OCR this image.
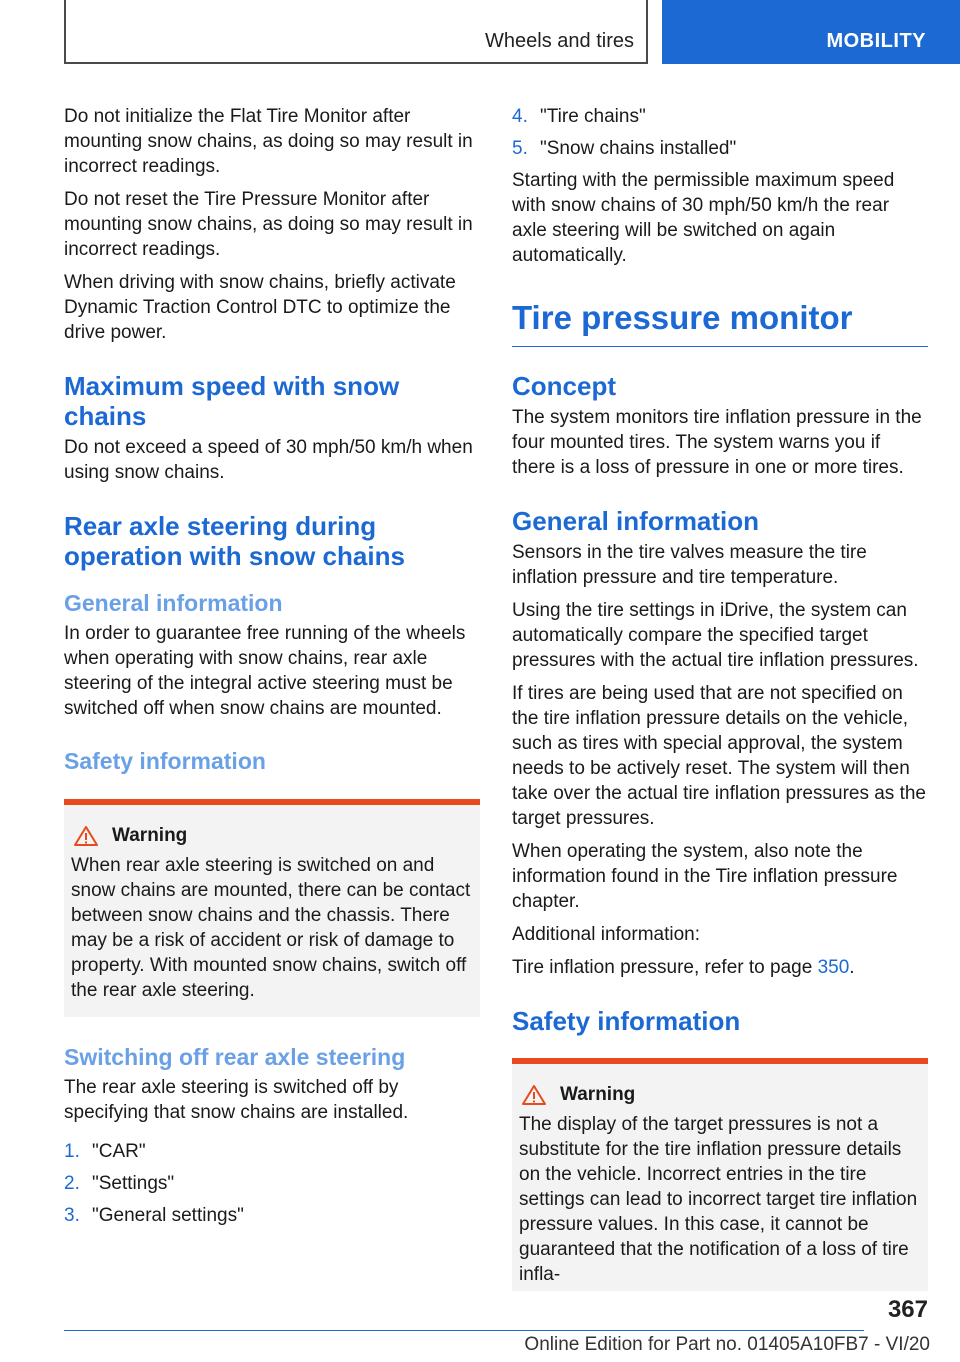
Wheels and tires	MOBILITY

Do not initialize the Flat Tire Monitor after mounting snow chains, as doing so may result in incorrect readings.

Do not reset the Tire Pressure Monitor after mounting snow chains, as doing so may result in incorrect readings.

When driving with snow chains, briefly activate Dynamic Traction Control DTC to optimize the drive power.

Maximum speed with snow chains

Do not exceed a speed of 30 mph/50 km/h when using snow chains.

Rear axle steering during operation with snow chains
General information

In order to guarantee free running of the wheels when operating with snow chains, rear axle steering of the integral active steering must be switched off when snow chains are mounted.

Safety information
Warning

When rear axle steering is switched on and snow chains are mounted, there can be contact between snow chains and the chassis. There may be a risk of accident or risk of damage to property. With mounted snow chains, switch off the rear axle steering.

Switching off rear axle steering

The rear axle steering is switched off by specifying that snow chains are installed.

1. "CAR"
2. "Settings"
3. "General settings"
4. "Tire chains"
5. "Snow chains installed"

Starting with the permissible maximum speed with snow chains of 30 mph/50 km/h the rear axle steering will be switched on again automatically.

Tire pressure monitor
Concept

The system monitors tire inflation pressure in the four mounted tires. The system warns you if there is a loss of pressure in one or more tires.

General information

Sensors in the tire valves measure the tire inflation pressure and tire temperature.

Using the tire settings in iDrive, the system can automatically compare the specified target pressures with the actual tire inflation pressures.

If tires are being used that are not specified on the tire inflation pressure details on the vehicle, such as tires with special approval, the system needs to be actively reset. The system will then take over the actual tire inflation pressures as the target pressures.

When operating the system, also note the information found in the Tire inflation pressure chapter.

Additional information:

Tire inflation pressure, refer to page 350.

Safety information
Warning

The display of the target pressures is not a substitute for the tire inflation pressure details on the vehicle. Incorrect entries in the tire settings can lead to incorrect target tire inflation pressure values. In this case, it cannot be guaranteed that the notification of a loss of tire infla-

367
Online Edition for Part no. 01405A10FB7 - VI/20
